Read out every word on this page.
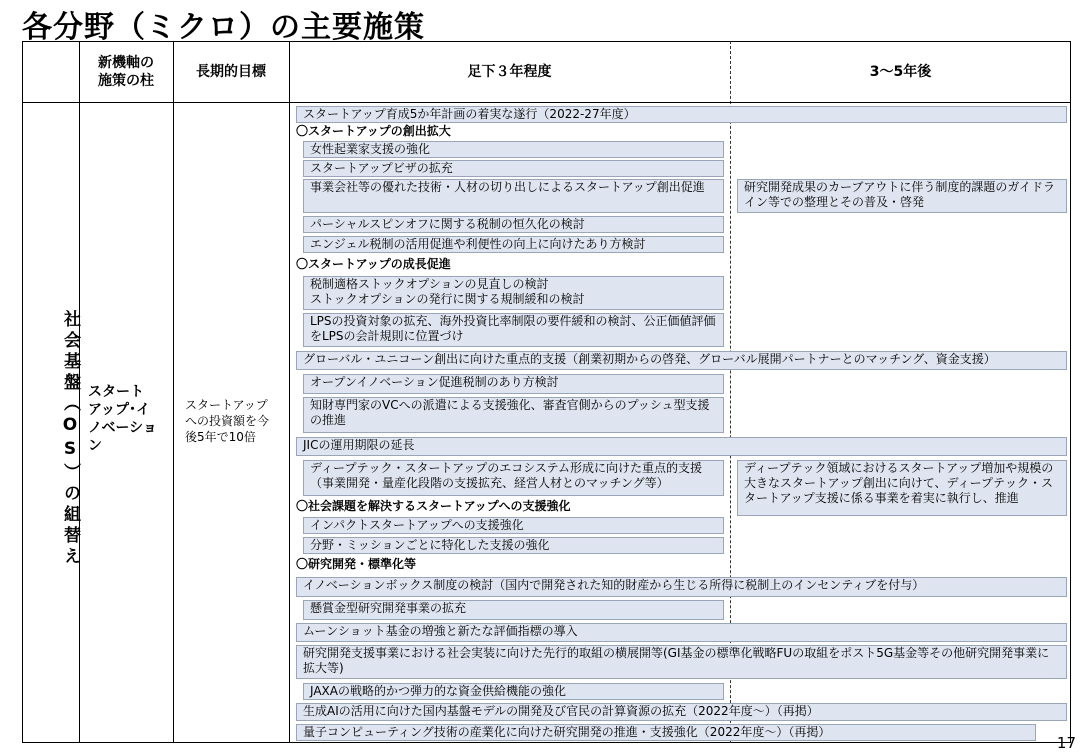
各分野（ミクロ）の主要施策
新機軸の
施策の柱
長期的目標	足下３年程度	3～5年後
社会基盤（OS）の組替え スタート
アップ･イ
ノベーショ
ン
スタートアップへの投資額を今後5年で10倍
スタートアップ育成5か年計画の着実な遂行（2022-27年度）
〇スタートアップの創出拡大
女性起業家支援の強化
スタートアップビザの拡充
事業会社等の優れた技術・人材の切り出しによるスタートアップ創出促進
パーシャルスピンオフに関する税制の恒久化の検討
エンジェル税制の活用促進や利便性の向上に向けたあり方検討
〇スタートアップの成長促進
税制適格ストックオプションの見直しの検討
ストックオプションの発行に関する規制緩和の検討
LPSの投資対象の拡充、海外投資比率制限の要件緩和の検討、公正価値評価をLPSの会計規則に位置づけ
グローバル・ユニコーン創出に向けた重点的支援（創業初期からの啓発、グローバル展開パートナーとのマッチング、資金支援）
オープンイノベーション促進税制のあり方検討
知財専門家のVCへの派遣による支援強化、審査官側からのプッシュ型支援の推進
JICの運用期限の延長
ディープテック・スタートアップのエコシステム形成に向けた重点的支援（事業開発・量産化段階の支援拡充、経営人材とのマッチング等）
〇社会課題を解決するスタートアップへの支援強化
インパクトスタートアップへの支援強化
分野・ミッションごとに特化した支援の強化
〇研究開発・標準化等
イノベーションボックス制度の検討（国内で開発された知的財産から生じる所得に税制上のインセンティブを付与）
懸賞金型研究開発事業の拡充
ムーンショット基金の増強と新たな評価指標の導入
研究開発支援事業における社会実装に向けた先行的取組の横展開等(GI基金の標準化戦略FUの取組をポスト5G基金等その他研究開発事業に拡大等)
JAXAの戦略的かつ弾力的な資金供給機能の強化
生成AIの活用に向けた国内基盤モデルの開発及び官民の計算資源の拡充（2022年度～）（再掲）
量子コンピューティング技術の産業化に向けた研究開発の推進・支援強化（2022年度～）（再掲）
研究開発成果のカーブアウトに伴う制度的課題のガイドライン等での整理とその普及・啓発
ディープテック領域におけるスタートアップ増加や規模の大きなスタートアップ創出に向けて、ディープテック・スタートアップ支援に係る事業を着実に執行し、推進
17
